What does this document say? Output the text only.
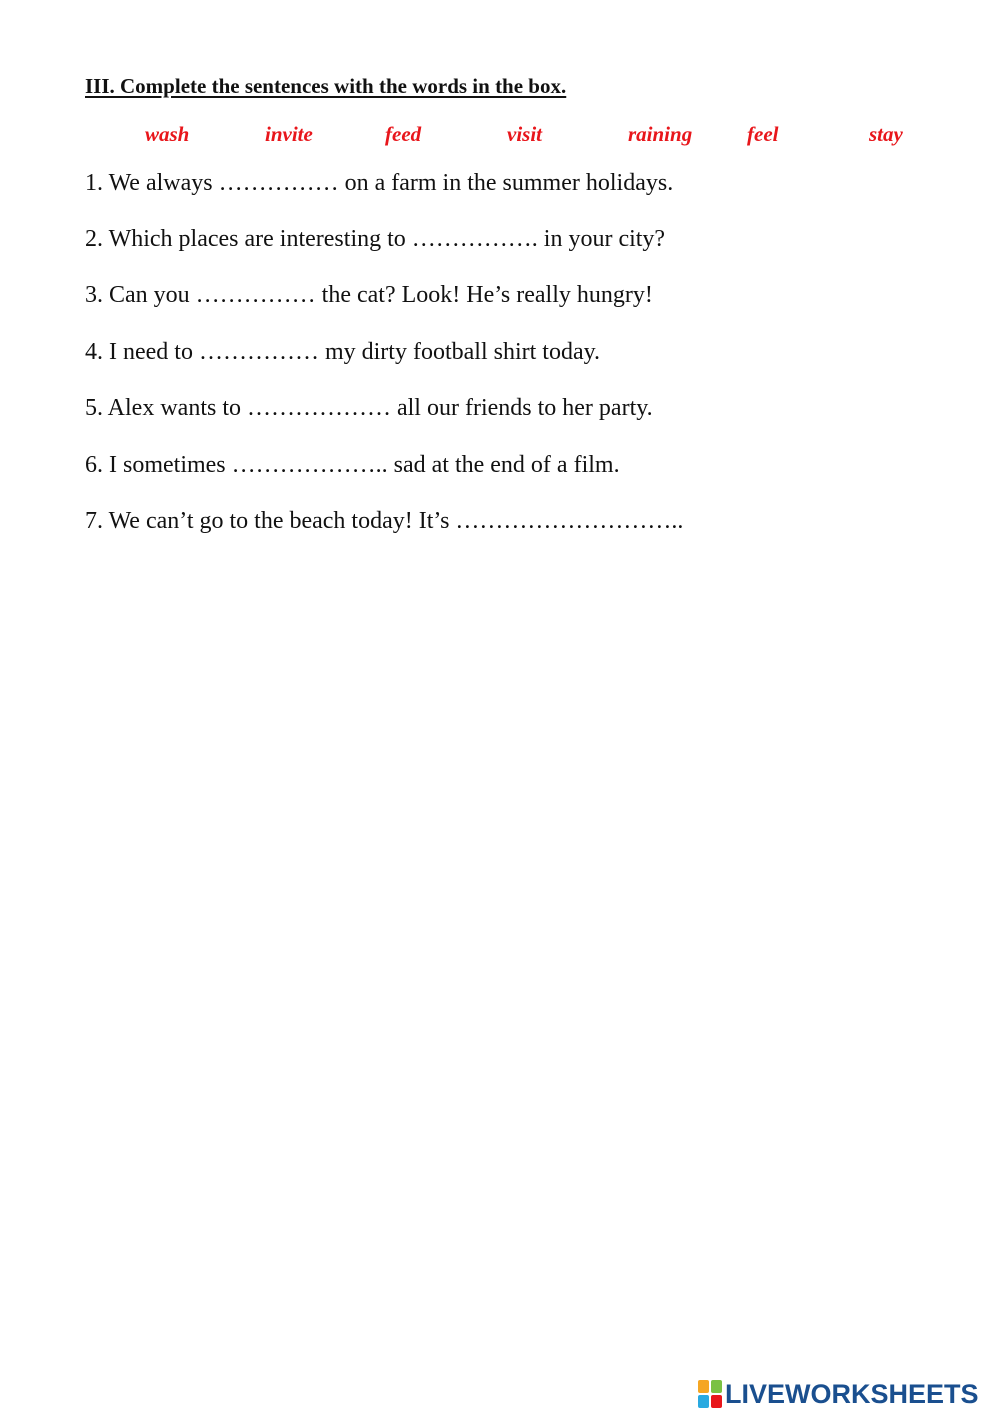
III. Complete the sentences with the words in the box.
wash	invite	feed	visit	raining	feel	stay
1. We always …………… on a farm in the summer holidays.
2. Which places are interesting to ……………. in your city?
3. Can you …………… the cat? Look! He’s really hungry!
4. I need to …………… my dirty football shirt today.
5. Alex wants to ……………… all our friends to her party.
6. I sometimes ……………….. sad at the end of a film.
7. We can’t go to the beach today! It’s ………………………..
LIVEWORKSHEETS
